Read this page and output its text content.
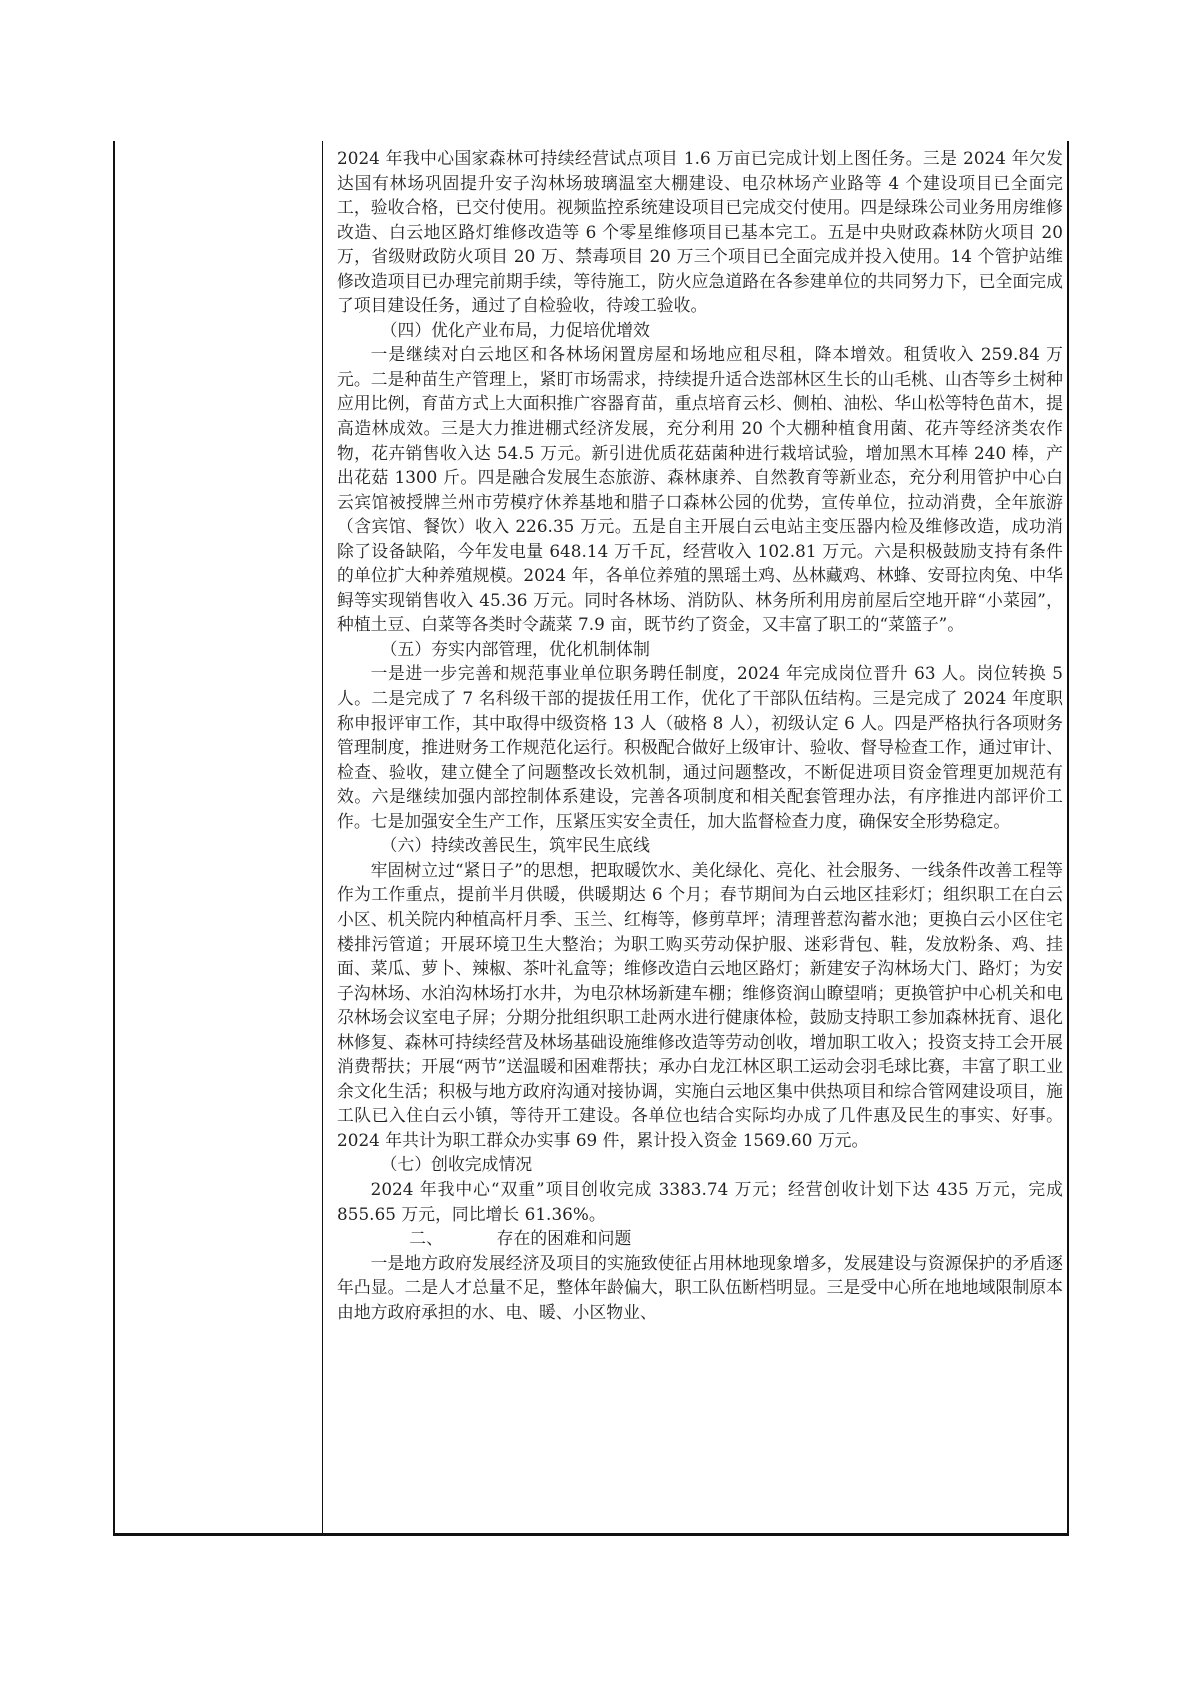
2024 年我中心国家森林可持续经营试点项目 1.6 万亩已完成计划上图任务。三是 2024 年欠发达国有林场巩固提升安子沟林场玻璃温室大棚建设、电尕林场产业路等 4 个建设项目已全面完工，验收合格，已交付使用。视频监控系统建设项目已完成交付使用。四是绿珠公司业务用房维修改造、白云地区路灯维修改造等 6 个零星维修项目已基本完工。五是中央财政森林防火项目 20 万，省级财政防火项目 20 万、禁毒项目 20 万三个项目已全面完成并投入使用。14 个管护站维修改造项目已办理完前期手续，等待施工，防火应急道路在各参建单位的共同努力下，已全面完成了项目建设任务，通过了自检验收，待竣工验收。

（四）优化产业布局，力促培优增效

一是继续对白云地区和各林场闲置房屋和场地应租尽租，降本增效。租赁收入 259.84 万元。二是种苗生产管理上，紧盯市场需求，持续提升适合迭部林区生长的山毛桃、山杏等乡土树种应用比例，育苗方式上大面积推广容器育苗，重点培育云杉、侧柏、油松、华山松等特色苗木，提高造林成效。三是大力推进棚式经济发展，充分利用 20 个大棚种植食用菌、花卉等经济类农作物，花卉销售收入达 54.5 万元。新引进优质花菇菌种进行栽培试验，增加黑木耳棒 240 棒，产出花菇 1300 斤。四是融合发展生态旅游、森林康养、自然教育等新业态，充分利用管护中心白云宾馆被授牌兰州市劳模疗休养基地和腊子口森林公园的优势，宣传单位，拉动消费，全年旅游（含宾馆、餐饮）收入 226.35 万元。五是自主开展白云电站主变压器内检及维修改造，成功消除了设备缺陷，今年发电量 648.14 万千瓦，经营收入 102.81 万元。六是积极鼓励支持有条件的单位扩大种养殖规模。2024 年，各单位养殖的黑瑶土鸡、丛林藏鸡、林蜂、安哥拉肉兔、中华鲟等实现销售收入 45.36 万元。同时各林场、消防队、林务所利用房前屋后空地开辟“小菜园”，种植土豆、白菜等各类时令蔬菜 7.9 亩，既节约了资金，又丰富了职工的“菜篮子”。

（五）夯实内部管理，优化机制体制

一是进一步完善和规范事业单位职务聘任制度，2024 年完成岗位晋升 63 人。岗位转换 5 人。二是完成了 7 名科级干部的提拔任用工作，优化了干部队伍结构。三是完成了 2024 年度职称申报评审工作，其中取得中级资格 13 人（破格 8 人），初级认定 6 人。四是严格执行各项财务管理制度，推进财务工作规范化运行。积极配合做好上级审计、验收、督导检查工作，通过审计、检查、验收，建立健全了问题整改长效机制，通过问题整改，不断促进项目资金管理更加规范有效。六是继续加强内部控制体系建设，完善各项制度和相关配套管理办法，有序推进内部评价工作。七是加强安全生产工作，压紧压实安全责任，加大监督检查力度，确保安全形势稳定。

（六）持续改善民生，筑牢民生底线

牢固树立过“紧日子”的思想，把取暖饮水、美化绿化、亮化、社会服务、一线条件改善工程等作为工作重点，提前半月供暖，供暖期达 6 个月；春节期间为白云地区挂彩灯；组织职工在白云小区、机关院内种植高杆月季、玉兰、红梅等，修剪草坪；清理普惹沟蓄水池；更换白云小区住宅楼排污管道；开展环境卫生大整治；为职工购买劳动保护服、迷彩背包、鞋，发放粉条、鸡、挂面、菜瓜、萝卜、辣椒、茶叶礼盒等；维修改造白云地区路灯；新建安子沟林场大门、路灯；为安子沟林场、水泊沟林场打水井，为电尕林场新建车棚；维修资润山瞭望哨；更换管护中心机关和电尕林场会议室电子屏；分期分批组织职工赴两水进行健康体检，鼓励支持职工参加森林抚育、退化林修复、森林可持续经营及林场基础设施维修改造等劳动创收，增加职工收入；投资支持工会开展消费帮扶；开展“两节”送温暖和困难帮扶；承办白龙江林区职工运动会羽毛球比赛，丰富了职工业余文化生活；积极与地方政府沟通对接协调，实施白云地区集中供热项目和综合管网建设项目，施工队已入住白云小镇，等待开工建设。各单位也结合实际均办成了几件惠及民生的事实、好事。2024 年共计为职工群众办实事 69 件，累计投入资金 1569.60 万元。

（七）创收完成情况

2024 年我中心“双重”项目创收完成 3383.74 万元；经营创收计划下达 435 万元，完成 855.65 万元，同比增长 61.36%。

二、	存在的困难和问题

一是地方政府发展经济及项目的实施致使征占用林地现象增多，发展建设与资源保护的矛盾逐年凸显。二是人才总量不足，整体年龄偏大，职工队伍断档明显。三是受中心所在地地域限制原本由地方政府承担的水、电、暖、小区物业、
